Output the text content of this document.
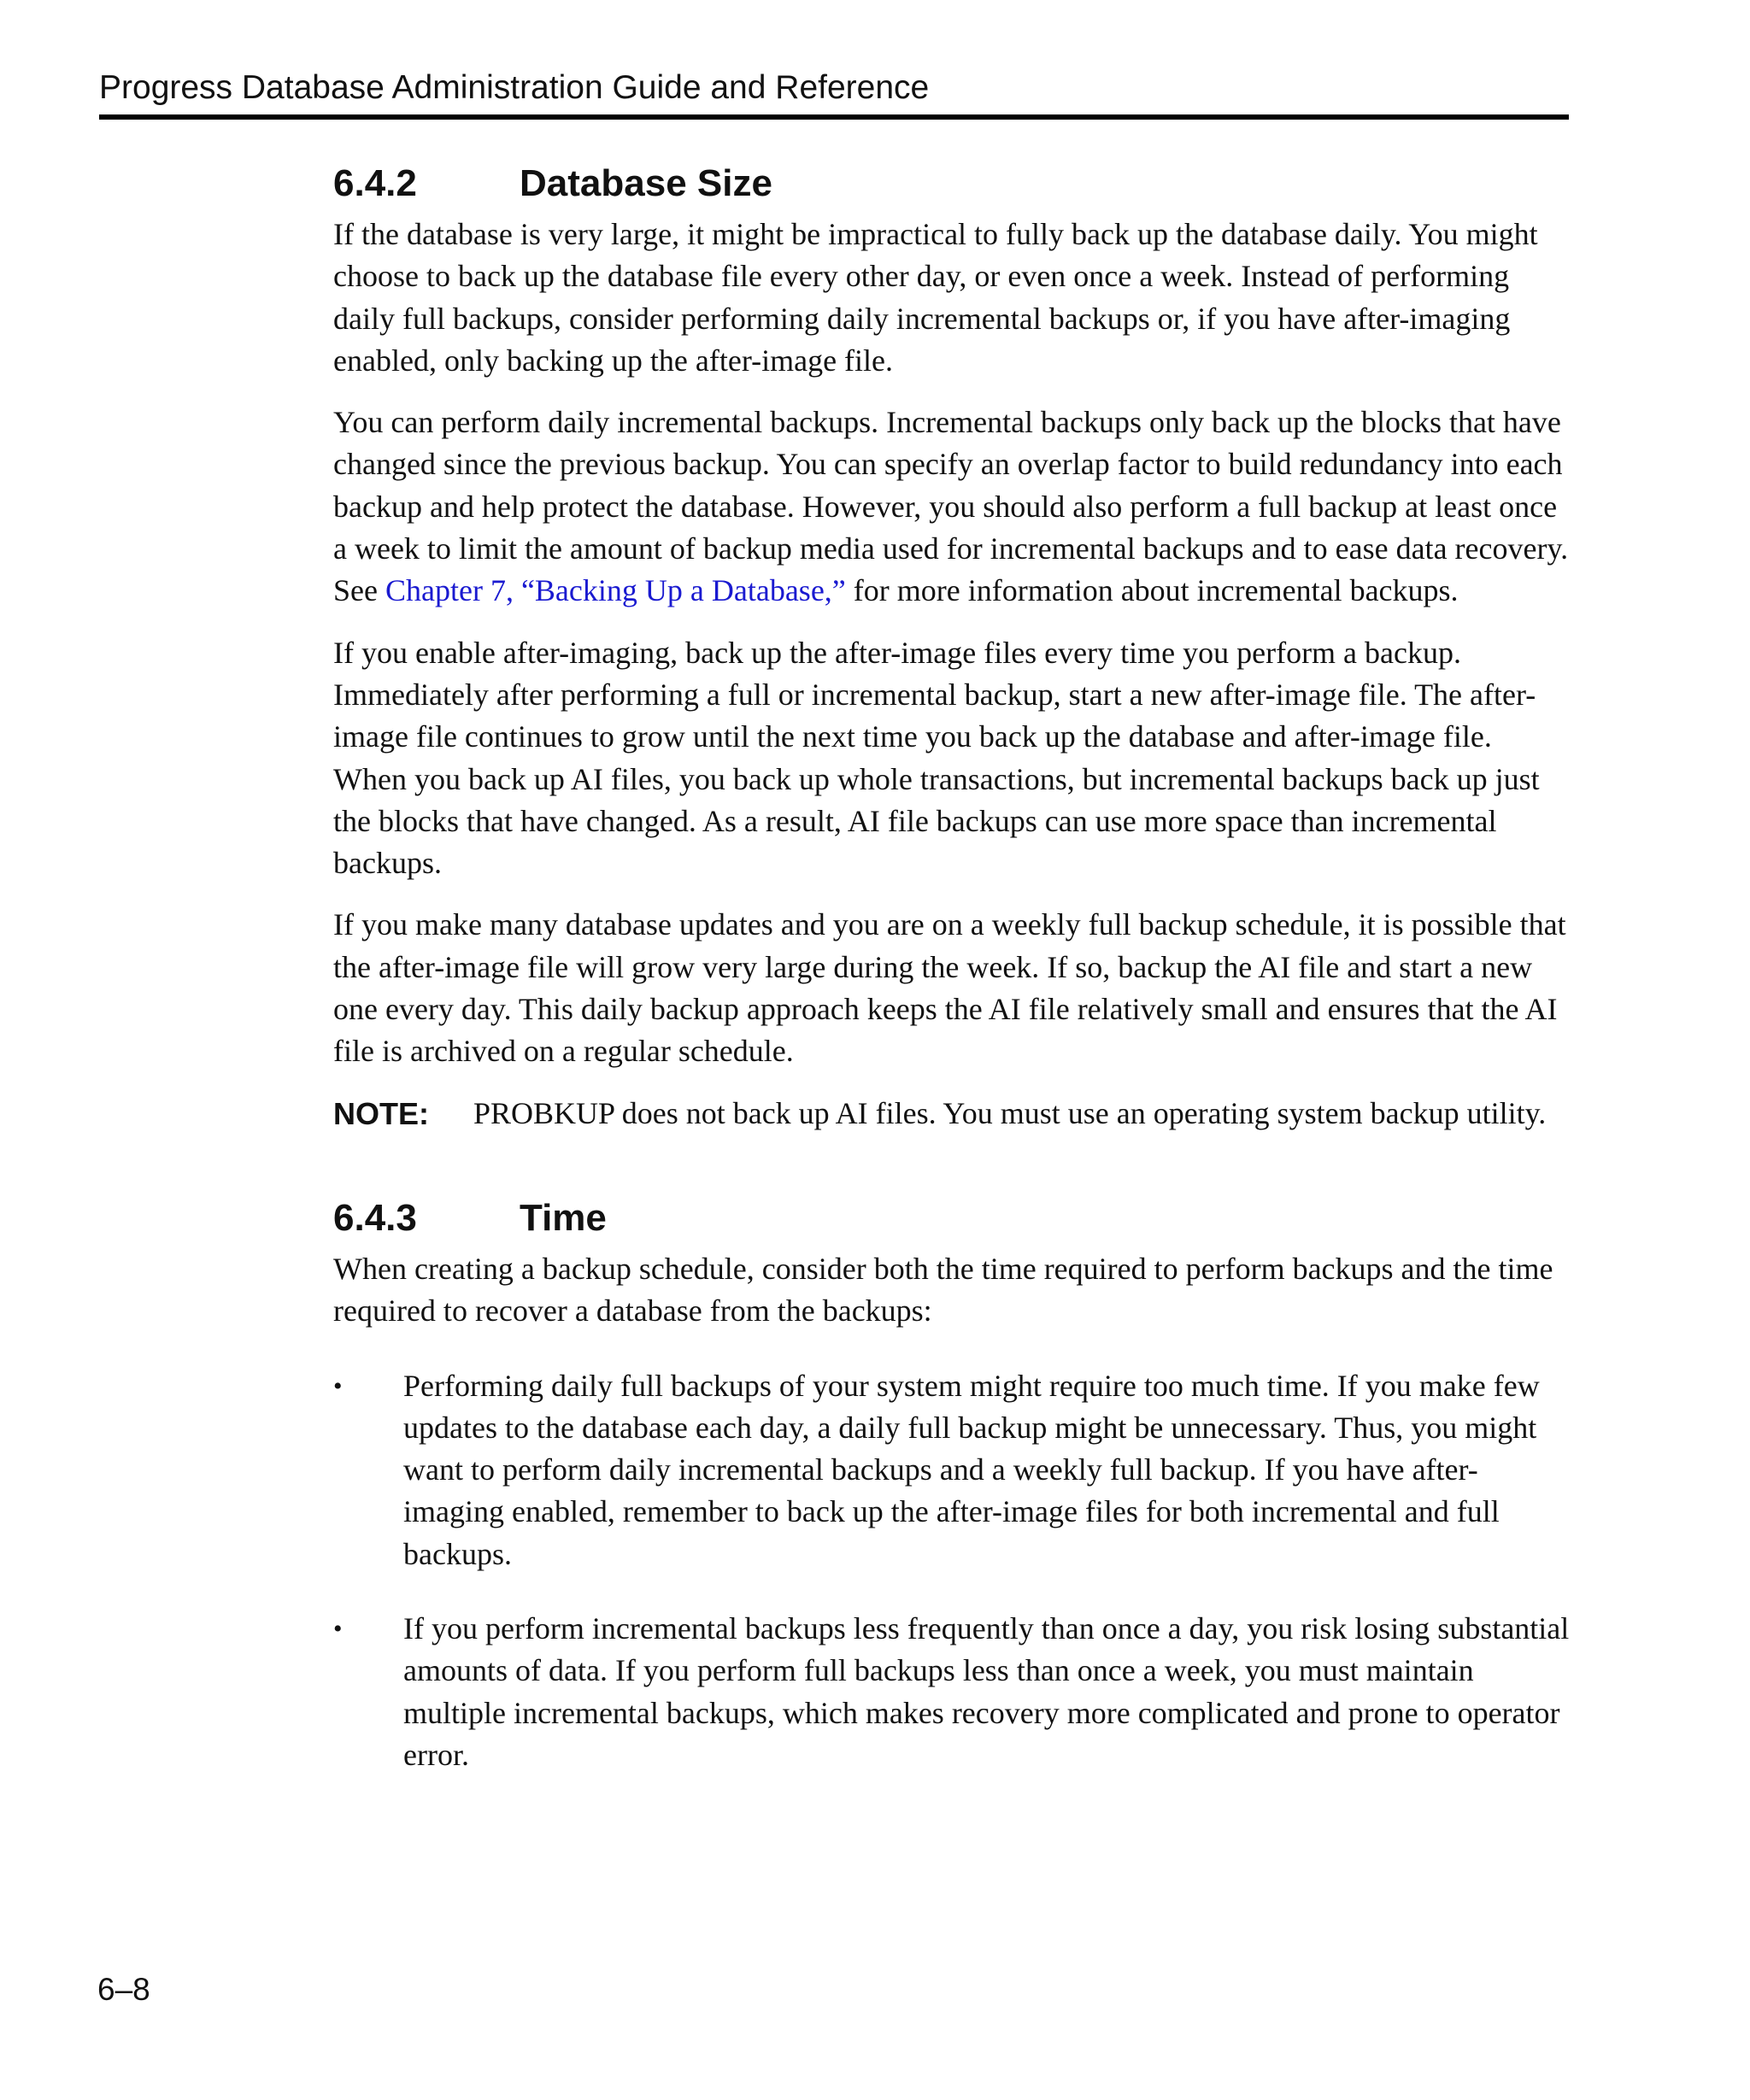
Progress Database Administration Guide and Reference
6.4.2	Database Size

If the database is very large, it might be impractical to fully back up the database daily. You might choose to back up the database file every other day, or even once a week. Instead of performing daily full backups, consider performing daily incremental backups or, if you have after-imaging enabled, only backing up the after-image file.

You can perform daily incremental backups. Incremental backups only back up the blocks that have changed since the previous backup. You can specify an overlap factor to build redundancy into each backup and help protect the database. However, you should also perform a full backup at least once a week to limit the amount of backup media used for incremental backups and to ease data recovery. See Chapter 7, “Backing Up a Database,” for more information about incremental backups.

If you enable after-imaging, back up the after-image files every time you perform a backup. Immediately after performing a full or incremental backup, start a new after-image file. The after-image file continues to grow until the next time you back up the database and after-image file. When you back up AI files, you back up whole transactions, but incremental backups back up just the blocks that have changed. As a result, AI file backups can use more space than incremental backups.

If you make many database updates and you are on a weekly full backup schedule, it is possible that the after-image file will grow very large during the week. If so, backup the AI file and start a new one every day. This daily backup approach keeps the AI file relatively small and ensures that the AI file is archived on a regular schedule.

NOTE:	PROBKUP does not back up AI files. You must use an operating system backup utility.
6.4.3	Time

When creating a backup schedule, consider both the time required to perform backups and the time required to recover a database from the backups:

•	Performing daily full backups of your system might require too much time. If you make few updates to the database each day, a daily full backup might be unnecessary. Thus, you might want to perform daily incremental backups and a weekly full backup. If you have after-imaging enabled, remember to back up the after-image files for both incremental and full backups.
•	If you perform incremental backups less frequently than once a day, you risk losing substantial amounts of data. If you perform full backups less than once a week, you must maintain multiple incremental backups, which makes recovery more complicated and prone to operator error.
6–8
